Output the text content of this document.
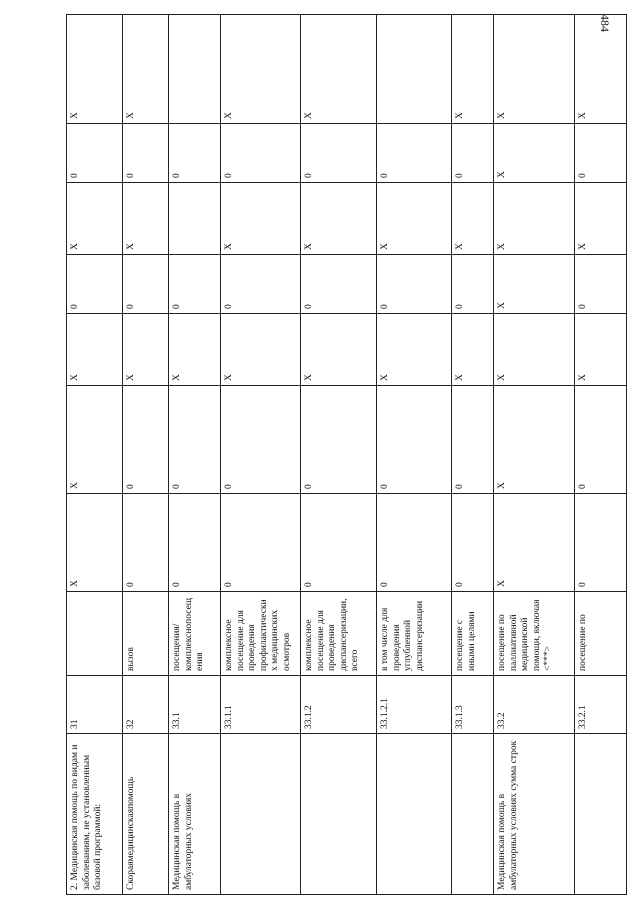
484
2. Медицинская помощь по видам и заболеваниям, не установленным базовой программой:	31		Х	Х	Х	0	Х	0	Х
Скораямедицинскаяпомощь	32	вызов	0	0	Х	0	Х	0	Х
Медицинская помощь в амбулаторных условиях	33.1	посещения/комплекснопосещения	0	0	Х	0		0	
	33.1.1	комплексное посещение для проведения профилактических медицинских осмотров	0	0	Х	0	Х	0	Х
	33.1.2	комплексное посещение для проведения диспансеризации, всего	0	0	Х	0	Х	0	Х
	33.1.2.1	в том числе для проведения углубленной диспансеризации	0	0	Х	0	Х	0	
	33.1.3	посещение с иными целями	0	0	Х	0	Х	0	Х
Медицинская помощь в амбулаторных условиях сумма строк	33.2	посещение по паллиативной медицинской помощи, включая <***>	Х	Х	Х	Х	Х	Х	Х
	33.2.1	посещение по	0	0	Х	0	Х	0	Х
